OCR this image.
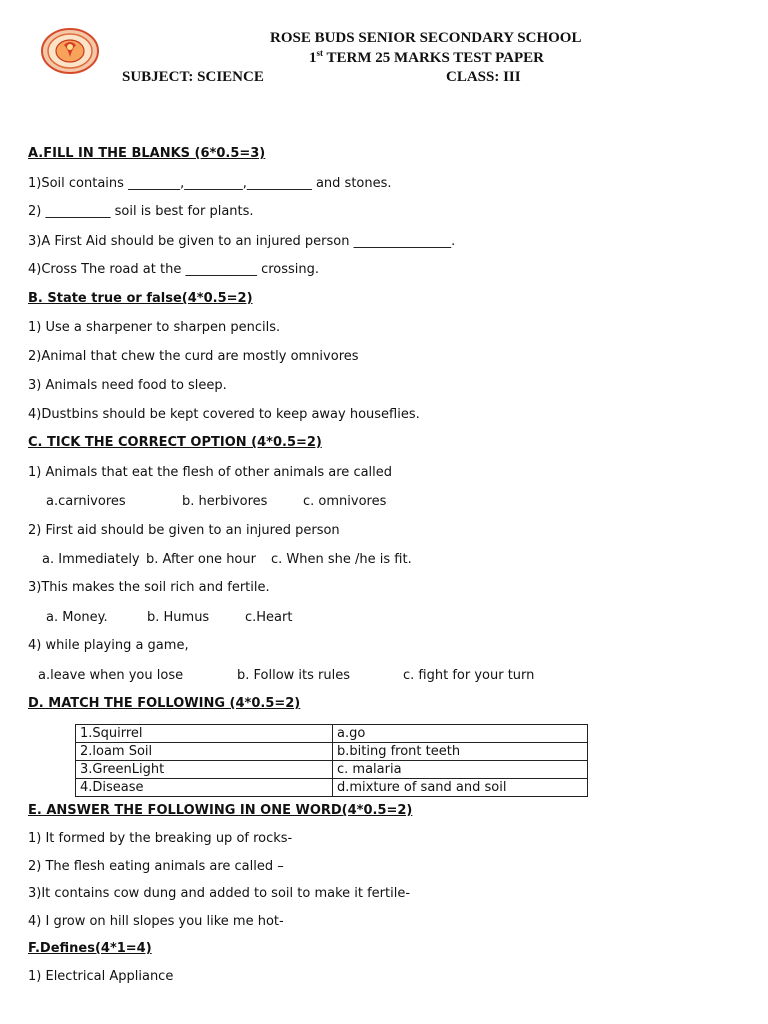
ROSE BUDS SENIOR SECONDARY SCHOOL
1st TERM 25 MARKS TEST PAPER
SUBJECT: SCIENCE	CLASS: III
A.FILL IN THE BLANKS (6*0.5=3)
1)Soil contains ________,_________,__________ and stones.
2) __________ soil is best for plants.
3)A First Aid should be given to an injured person _______________.
4)Cross The road at the ___________ crossing.
B. State true or false(4*0.5=2)
1) Use a sharpener to sharpen pencils.
2)Animal that chew the curd are mostly omnivores
3) Animals need food to sleep.
4)Dustbins should be kept covered to keep away houseflies.
C. TICK THE CORRECT OPTION (4*0.5=2)
1) Animals that eat the flesh of other animals are called
a.carnivores	b. herbivores	c. omnivores
2) First aid should be given to an injured person
a. Immediately b. After one hour c. When she /he is fit.
3)This makes the soil rich and fertile.
a. Money.	b. Humus	c.Heart
4) while playing a game,
a.leave when you lose	b. Follow its rules	c. fight for your turn
D. MATCH THE FOLLOWING (4*0.5=2)
1.Squirrel	a.go
2.loam Soil	b.biting front teeth
3.GreenLight	c. malaria
4.Disease	d.mixture of sand and soil
E. ANSWER THE FOLLOWING IN ONE WORD(4*0.5=2)
1) It formed by the breaking up of rocks-
2) The flesh eating animals are called –
3)It contains cow dung and added to soil to make it fertile-
4) I grow on hill slopes you like me hot-
F.Defines(4*1=4)
1) Electrical Appliance
